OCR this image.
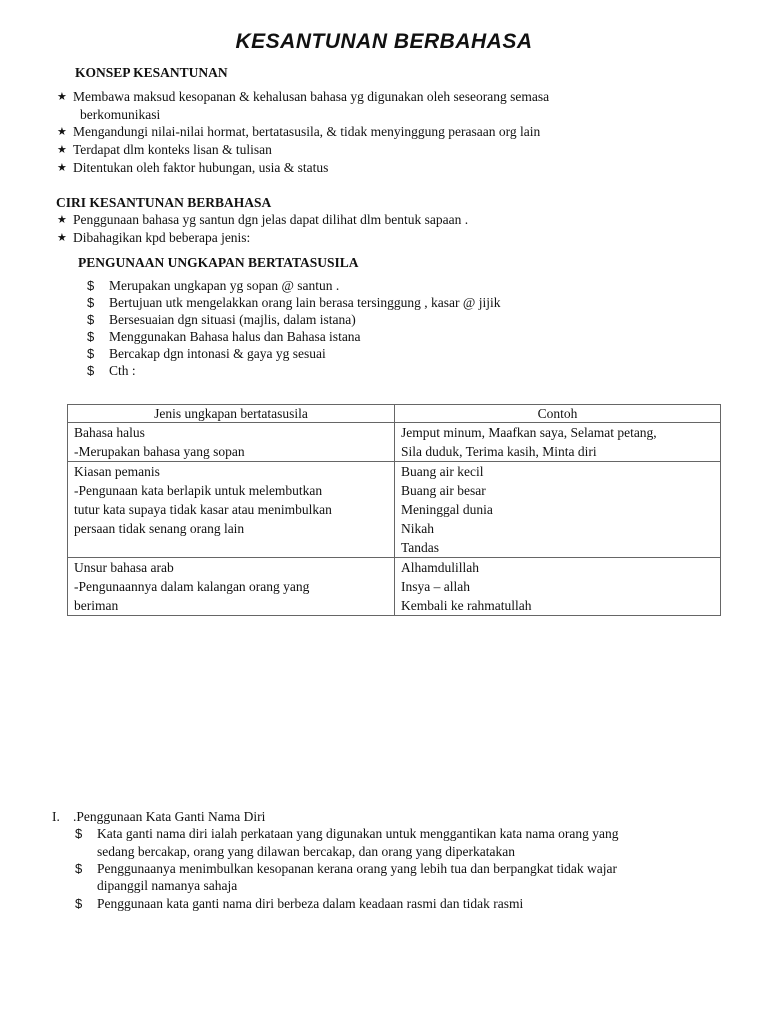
KESANTUNAN BERBAHASA
KONSEP KESANTUNAN
★ Membawa maksud kesopanan & kehalusan bahasa yg digunakan oleh seseorang semasa
berkomunikasi
★ Mengandungi nilai-nilai hormat, bertatasusila, & tidak menyinggung perasaan org lain
★ Terdapat dlm konteks lisan & tulisan
★ Ditentukan oleh faktor hubungan, usia & status
CIRI KESANTUNAN BERBAHASA
★ Penggunaan bahasa yg santun dgn jelas dapat dilihat dlm bentuk sapaan .
★ Dibahagikan kpd beberapa jenis:
PENGUNAAN UNGKAPAN BERTATASUSILA
$ Merupakan ungkapan yg sopan @ santun .
$ Bertujuan utk mengelakkan orang lain berasa tersinggung , kasar @ jijik
$ Bersesuaian dgn situasi (majlis, dalam istana)
$ Menggunakan Bahasa halus dan Bahasa istana
$ Bercakap dgn intonasi & gaya yg sesuai
$ Cth :
Jenis ungkapan bertatasusila	Contoh

Bahasa halus
-Merupakan bahasa yang sopan	Jemput minum, Maafkan saya, Selamat petang,
Sila duduk, Terima kasih, Minta diri

Kiasan pemanis
-Pengunaan kata berlapik untuk melembutkan
tutur kata supaya tidak kasar atau menimbulkan
persaan tidak senang orang lain	Buang air kecil
Buang air besar
Meninggal dunia
Nikah
Tandas

Unsur bahasa arab
-Pengunaannya dalam kalangan orang yang
beriman	Alhamdulillah
Insya – allah
Kembali ke rahmatullah
I. .Penggunaan Kata Ganti Nama Diri
$ Kata ganti nama diri ialah perkataan yang digunakan untuk menggantikan kata nama orang yang
sedang bercakap, orang yang dilawan bercakap, dan orang yang diperkatakan
$ Penggunaanya menimbulkan kesopanan kerana orang yang lebih tua dan berpangkat tidak wajar
dipanggil namanya sahaja
$ Penggunaan kata ganti nama diri berbeza dalam keadaan rasmi dan tidak rasmi
